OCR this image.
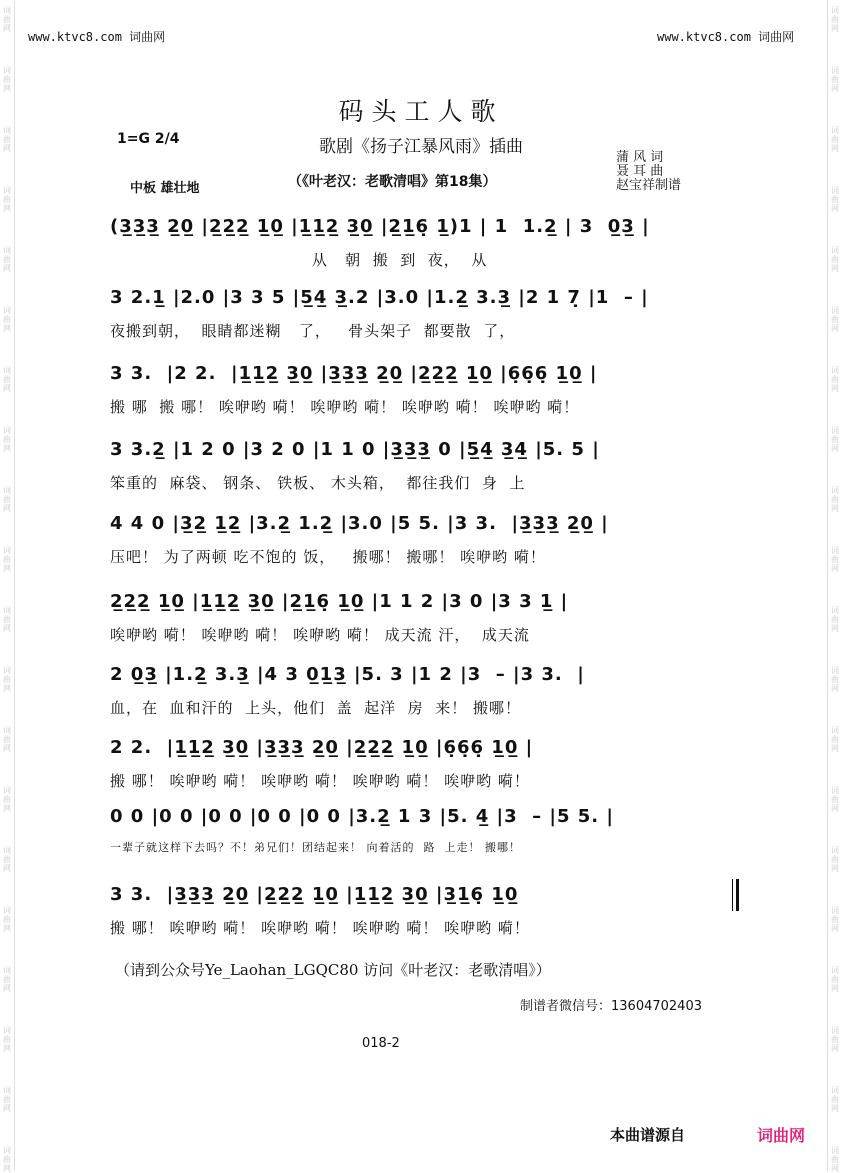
词
曲
网
词
曲
网
词
曲
网
词
曲
网
词
曲
网
词
曲
网
词
曲
网
词
曲
网
词
曲
网
词
曲
网
词
曲
网
词
曲
网
词
曲
网
词
曲
网
词
曲
网
词
曲
网
词
曲
网
词
曲
网
词
曲
网
词
曲
网
词
曲
网
词
曲
网
词
曲
网
词
曲
网
词
曲
网
词
曲
网
词
曲
网
词
曲
网
词
曲
网
词
曲
网
词
曲
网
词
曲
网
词
曲
网
词
曲
网
词
曲
网
词
曲
网
词
曲
网
词
曲
网
词
曲
网
词
曲
网
www.ktvc8.com 词曲网	www.ktvc8.com 词曲网
码头工人歌
1=G 2/4	歌剧《扬子江暴风雨》插曲
（《叶老汉：老歌清唱》第18集）
中板 雄壮地
蒲 风 词
聂 耳 曲
赵宝祥制谱
(3̲3̲3̲ 2̲0̲ |2̲2̲2̲ 1̲0̲ |1̲1̲2̲ 3̲0̲ |2̲1̲6̣ 1̲)1 | 1  1.2̲ | 3  0̲3̲ |
从   朝  搬  到  夜，  从
3 2.1̲ |2.0 |3 3 5 |5̲4̲ 3̲.2 |3.0 |1.2̲ 3.3̲ |2 1 7̣ |1  – |
夜搬到朝，  眼睛都迷糊   了，   骨头架子  都要散  了，
3 3.  |2 2.  |1̲1̲2̲ 3̲0̲ |3̲3̲3̲ 2̲0̲ |2̲2̲2̲ 1̲0̲ |6̣6̣6̣ 1̲0̲ |
搬 哪  搬 哪！ 唉咿哟 嗬！ 唉咿哟 嗬！ 唉咿哟 嗬！ 唉咿哟 嗬！
3 3.2̲ |1 2 0 |3 2 0 |1 1 0 |3̲3̲3̲ 0 |5̲4̲ 3̲4̲ |5. 5 |
笨重的  麻袋、 钢条、 铁板、 木头箱，  都往我们  身  上
4 4 0 |3̲2̲ 1̲2̲ |3.2̲ 1.2̲ |3.0 |5 5. |3 3.  |3̲3̲3̲ 2̲0̲ |
压吧！ 为了两顿 吃不饱的 饭，   搬哪！ 搬哪！ 唉咿哟 嗬！
2̲2̲2̲ 1̲0̲ |1̲1̲2̲ 3̲0̲ |2̲1̲6̣ 1̲0̲ |1 1 2 |3 0 |3 3 1̲ |
唉咿哟 嗬！ 唉咿哟 嗬！ 唉咿哟 嗬！ 成天流 汗，  成天流
2 0̲3̲ |1.2̲ 3.3̲ |4 3 0̲1̲3̲ |5. 3 |1 2 |3  – |3 3.  |
血，在  血和汗的  上头，他们  盖  起洋  房  来！ 搬哪！
2 2.  |1̲1̲2̲ 3̲0̲ |3̲3̲3̲ 2̲0̲ |2̲2̲2̲ 1̲0̲ |6̣6̣6̣ 1̲0̲ |
搬 哪！ 唉咿哟 嗬！ 唉咿哟 嗬！ 唉咿哟 嗬！ 唉咿哟 嗬！
0 0 |0 0 |0 0 |0 0 |0 0 |3.2̲ 1 3 |5. 4̲ |3  – |5 5. |
一辈子就这样下去吗？不！弟兄们！团结起来！ 向着活的  路  上走！ 搬哪！
3 3.  |3̲3̲3̲ 2̲0̲ |2̲2̲2̲ 1̲0̲ |1̲1̲2̲ 3̲0̲ |3̲1̲6̣ 1̲0̲
搬 哪！ 唉咿哟 嗬！ 唉咿哟 嗬！ 唉咿哟 嗬！ 唉咿哟 嗬！
（请到公众号Ye_Laohan_LGQC80 访问《叶老汉：老歌清唱》）
制谱者微信号：13604702403
018-2
本曲谱源自	词曲网
